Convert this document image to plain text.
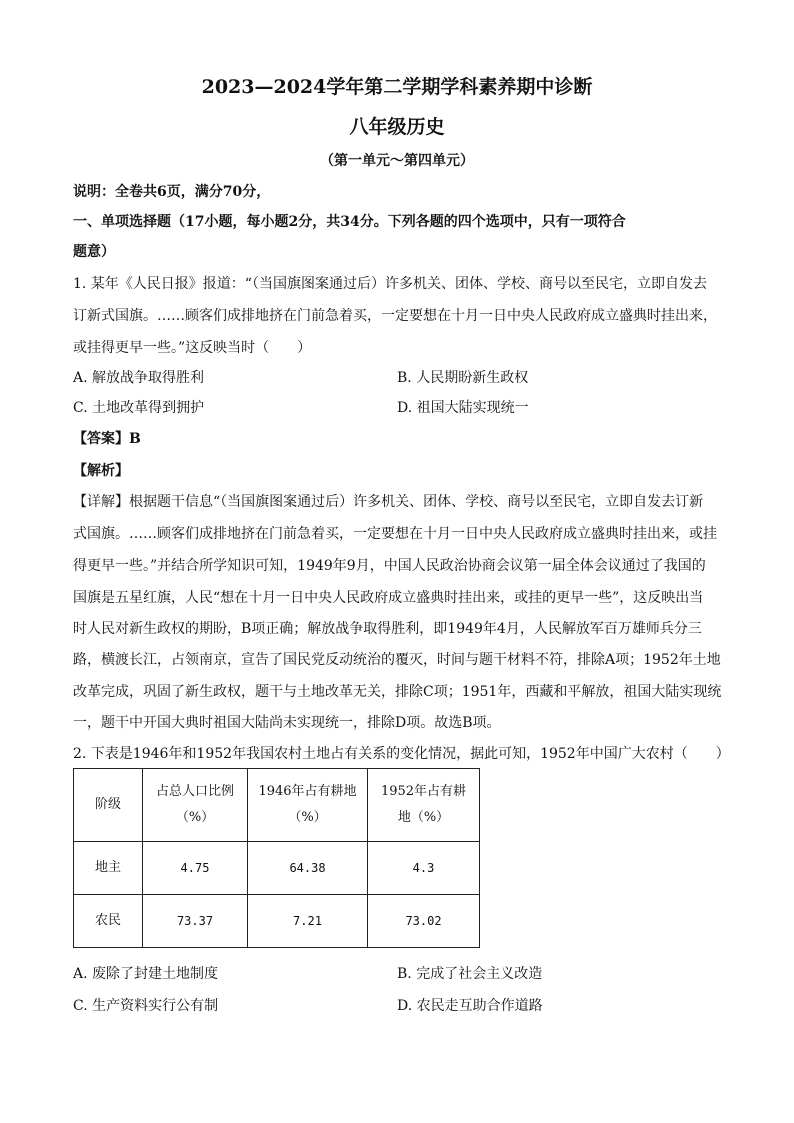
2023—2024学年第二学期学科素养期中诊断
八年级历史
（第一单元～第四单元）
说明：全卷共6页，满分70分，
一、单项选择题（17小题，每小题2分，共34分。下列各题的四个选项中，只有一项符合
题意）
1. 某年《人民日报》报道：“（当国旗图案通过后）许多机关、团体、学校、商号以至民宅，立即自发去
订新式国旗。……顾客们成排地挤在门前急着买，一定要想在十月一日中央人民政府成立盛典时挂出来，
或挂得更早一些。”这反映当时（　　）
A. 解放战争取得胜利	B. 人民期盼新生政权
C. 土地改革得到拥护	D. 祖国大陆实现统一
【答案】B
【解析】
【详解】根据题干信息“（当国旗图案通过后）许多机关、团体、学校、商号以至民宅，立即自发去订新
式国旗。……顾客们成排地挤在门前急着买，一定要想在十月一日中央人民政府成立盛典时挂出来，或挂
得更早一些。”并结合所学知识可知，1949年9月，中国人民政治协商会议第一届全体会议通过了我国的
国旗是五星红旗，人民“想在十月一日中央人民政府成立盛典时挂出来，或挂的更早一些”，这反映出当
时人民对新生政权的期盼，B项正确；解放战争取得胜利，即1949年4月，人民解放军百万雄师兵分三
路，横渡长江，占领南京，宣告了国民党反动统治的覆灭，时间与题干材料不符，排除A项；1952年土地
改革完成，巩固了新生政权，题干与土地改革无关，排除C项；1951年，西藏和平解放，祖国大陆实现统
一，题干中开国大典时祖国大陆尚未实现统一，排除D项。故选B项。
2. 下表是1946年和1952年我国农村土地占有关系的变化情况，据此可知，1952年中国广大农村（　　）
阶级	占总人口比例（%）	1946年占有耕地（%）	1952年占有耕地（%）
地主	4.75	64.38	4.3
农民	73.37	7.21	73.02
A. 废除了封建土地制度	B. 完成了社会主义改造
C. 生产资料实行公有制	D. 农民走互助合作道路
